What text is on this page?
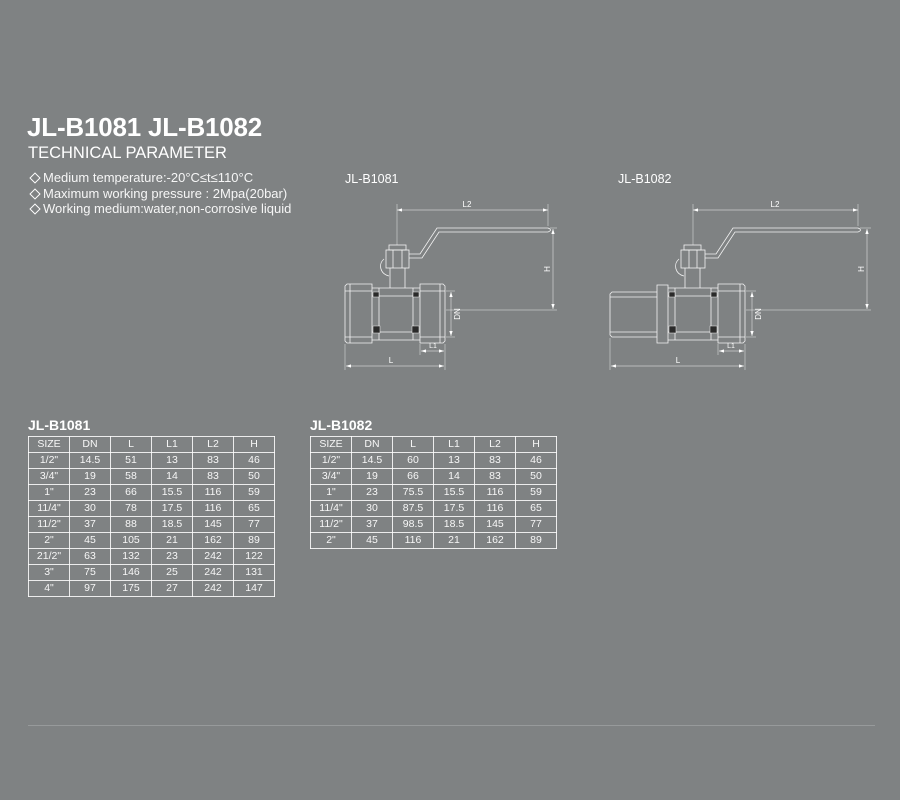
JL-B1081 JL-B1082
TECHNICAL PARAMETER
Medium temperature:-20°C≤t≤110°C
Maximum working pressure : 2Mpa(20bar)
Working medium:water,non-corrosive liquid
JL-B1081	JL-B1082
L2
H
DN
L1
L
L2
H
DN
L1
L
JL-B1081	JL-B1082
SIZE	DN	L	L1	L2	H
1/2"	14.5	51	13	83	46
3/4"	19	58	14	83	50
1"	23	66	15.5	116	59
11/4"	30	78	17.5	116	65
11/2"	37	88	18.5	145	77
2"	45	105	21	162	89
21/2"	63	132	23	242	122
3"	75	146	25	242	131
4"	97	175	27	242	147
SIZE	DN	L	L1	L2	H
1/2"	14.5	60	13	83	46
3/4"	19	66	14	83	50
1"	23	75.5	15.5	116	59
11/4"	30	87.5	17.5	116	65
11/2"	37	98.5	18.5	145	77
2"	45	116	21	162	89
